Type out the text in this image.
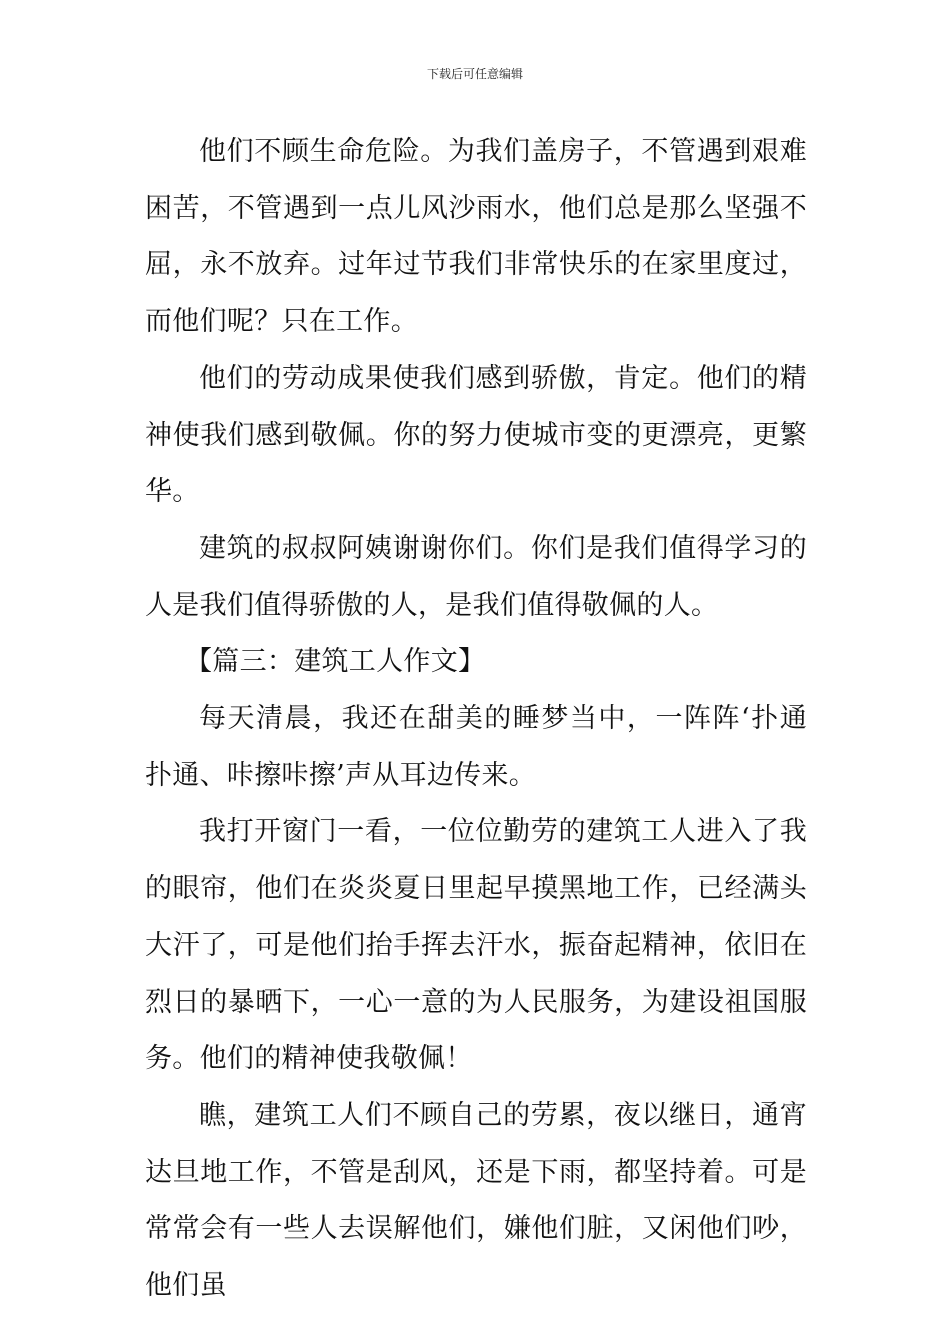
下载后可任意编辑

他们不顾生命危险。为我们盖房子，不管遇到艰难困苦，不管遇到一点儿风沙雨水，他们总是那么坚强不屈，永不放弃。过年过节我们非常快乐的在家里度过，而他们呢？只在工作。

他们的劳动成果使我们感到骄傲，肯定。他们的精神使我们感到敬佩。你的努力使城市变的更漂亮，更繁华。

建筑的叔叔阿姨谢谢你们。你们是我们值得学习的人是我们值得骄傲的人，是我们值得敬佩的人。

【篇三：建筑工人作文】

每天清晨，我还在甜美的睡梦当中，一阵阵‘扑通扑通、咔擦咔擦’声从耳边传来。

我打开窗门一看，一位位勤劳的建筑工人进入了我的眼帘，他们在炎炎夏日里起早摸黑地工作，已经满头大汗了，可是他们抬手挥去汗水，振奋起精神，依旧在烈日的暴晒下，一心一意的为人民服务，为建设祖国服务。他们的精神使我敬佩！

瞧，建筑工人们不顾自己的劳累，夜以继日，通宵达旦地工作，不管是刮风，还是下雨，都坚持着。可是常常会有一些人去误解他们，嫌他们脏，又闲他们吵，他们虽
